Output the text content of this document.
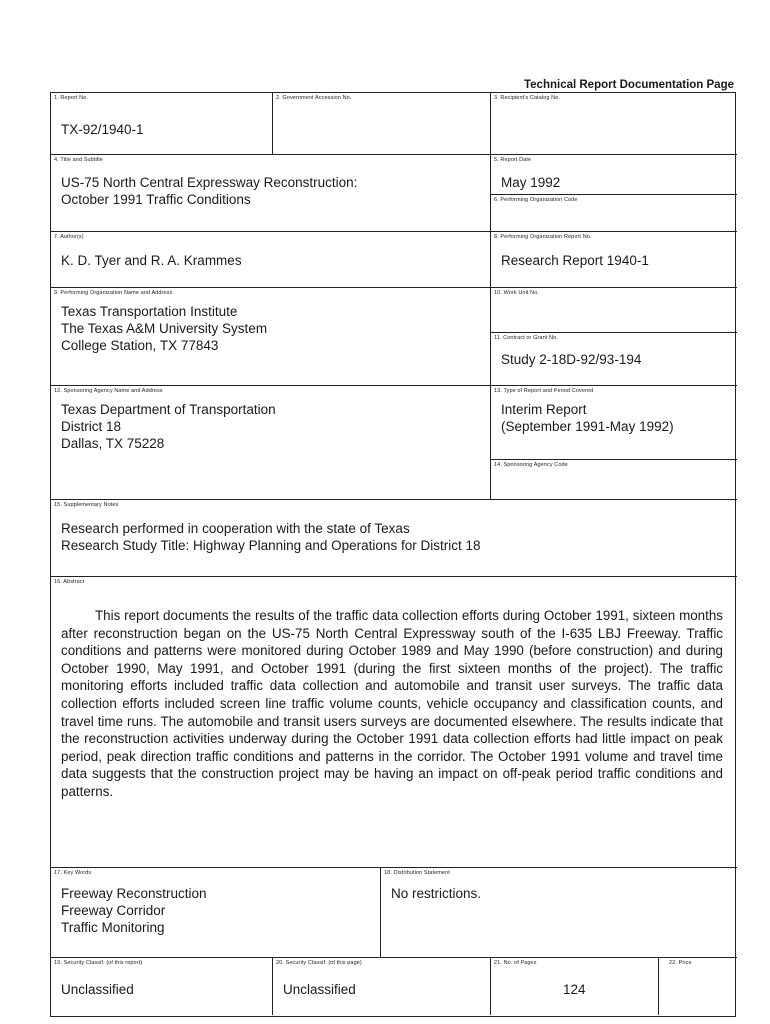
Technical Report Documentation Page
1. Report No.
TX-92/1940-1
2. Government Accession No.	3. Recipient's Catalog No.
4. Title and Subtitle
US-75 North Central Expressway Reconstruction:
October 1991 Traffic Conditions
5. Report Date
May 1992
6. Performing Organization Code
7. Author(s)
K. D. Tyer and R. A. Krammes
8. Performing Organization Report No.
Research Report 1940-1
9. Performing Organization Name and Address
Texas Transportation Institute
The Texas A&M University System
College Station, TX 77843
10. Work Unit No.
11. Contract or Grant No.
Study 2-18D-92/93-194
12. Sponsoring Agency Name and Address
Texas Department of Transportation
District 18
Dallas, TX 75228
13. Type of Report and Period Covered
Interim Report
(September 1991-May 1992)
14. Sponsoring Agency Code
15. Supplementary Notes
Research performed in cooperation with the state of Texas
Research Study Title: Highway Planning and Operations for District 18
16. Abstract
This report documents the results of the traffic data collection efforts during October 1991, sixteen months after reconstruction began on the US-75 North Central Expressway south of the I-635 LBJ Freeway. Traffic conditions and patterns were monitored during October 1989 and May 1990 (before construction) and during October 1990, May 1991, and October 1991 (during the first sixteen months of the project). The traffic monitoring efforts included traffic data collection and automobile and transit user surveys. The traffic data collection efforts included screen line traffic volume counts, vehicle occupancy and classification counts, and travel time runs. The automobile and transit users surveys are documented elsewhere. The results indicate that the reconstruction activities underway during the October 1991 data collection efforts had little impact on peak period, peak direction traffic conditions and patterns in the corridor. The October 1991 volume and travel time data suggests that the construction project may be having an impact on off-peak period traffic conditions and patterns.
17. Key Words
Freeway Reconstruction
Freeway Corridor
Traffic Monitoring
18. Distribution Statement
No restrictions.
19. Security Classif. (of this report)
Unclassified
20. Security Classif. (of this page)
Unclassified
21. No. of Pages
124
22. Price
